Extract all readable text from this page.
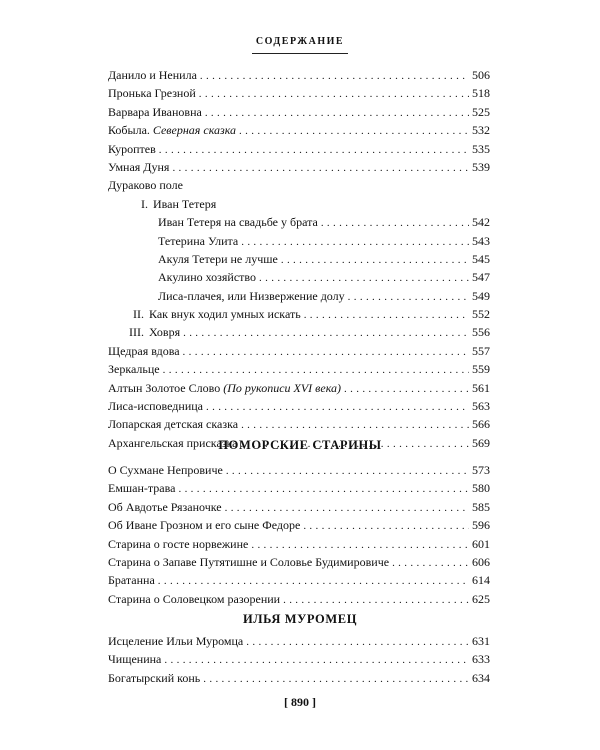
СОДЕРЖАНИЕ
Данило и Ненила . . .	506
Пронька Грезной . . .	518
Варвара Ивановна . . .	525
Кобыла. Северная сказка . . .	532
Куроптев . . .	535
Умная Дуня . . .	539
Дураково поле
I. Иван Тетеря
Иван Тетеря на свадьбе у брата . . .	542
Тетерина Улита . . .	543
Акуля Тетери не лучше . . .	545
Акулино хозяйство . . .	547
Лиса-плачея, или Низвержение долу . . .	549
II. Как внук ходил умных искать . . .	552
III. Ховря . . .	556
Щедрая вдова . . .	557
Зеркальце . . .	559
Алтын Золотое Слово (По рукописи XVI века) . . .	561
Лиса-исповедница . . .	563
Лопарская детская сказка . . .	566
Архангельская присказка . . .	569
ПОМОРСКИЕ СТАРИНЫ
О Сухмане Непровиче . . .	573
Емшан-трава . . .	580
Об Авдотье Рязаночке . . .	585
Об Иване Грозном и его сыне Федоре . . .	596
Старина о госте норвежине . . .	601
Старина о Запаве Путятишне и Соловье Будимировиче . . .	606
Братанна . . .	614
Старина о Соловецком разорении . . .	625
ИЛЬЯ МУРОМЕЦ
Исцеление Ильи Муромца . . .	631
Чищенина . . .	633
Богатырский конь . . .	634
[ 890 ]
